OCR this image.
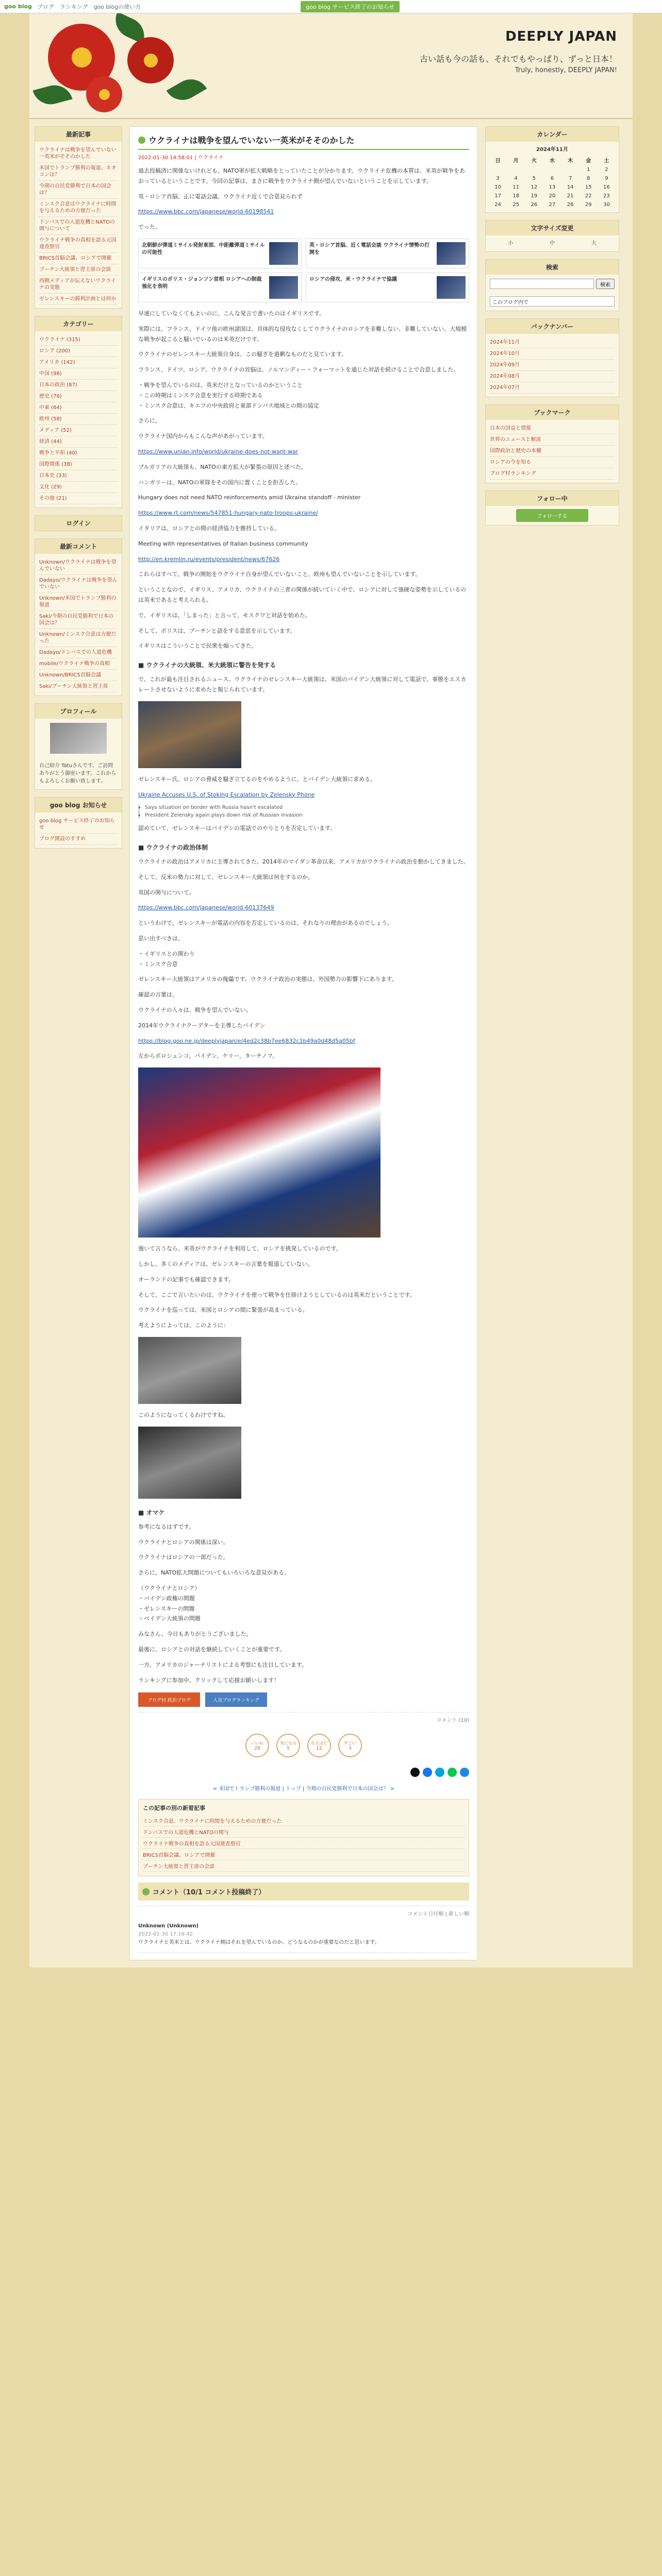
goo blog ブログ　ランキング　goo blogの使い方	goo blog サービス終了のお知らせ
DEEPLY JAPAN
古い話も今の話も、それでもやっぱり、ずっと日本！
Truly, honestly, DEEPLY JAPAN!
最新記事
ウクライナは戦争を望んでいない一英米がそそのかした
米国でトランプ勝利の報道、ネオコンは？
今期の自民党勝利で日本の国会は？
ミンスク合意はウクライナに時間を与えるための方便だった
ドンバスでの人道危機とNATOの関与について
ウクライナ戦争の真相を語る元国連査察官
BRICS首脳会議、ロシアで開催
プーチン大統領と習主席の会談
西側メディアが伝えないウクライナの実態
ゼレンスキーの勝利計画とは何か
カテゴリー
ウクライナ (315)
ロシア (200)
アメリカ (142)
中国 (98)
日本の政治 (87)
歴史 (76)
中東 (64)
欧州 (58)
メディア (52)
経済 (44)
戦争と平和 (40)
国際関係 (38)
日本史 (33)
文化 (29)
その他 (21)
ログイン
最新コメント
Unknown/ウクライナは戦争を望んでいない
Dadayo/ウクライナは戦争を望んでいない
Unknown/米国でトランプ勝利の報道
Saki/今期の自民党勝利で日本の国会は？
Unknown/ミンスク合意は方便だった
Dadayo/ドンバスでの人道危機
mobile/ウクライナ戦争の真相
Unknown/BRICS首脳会議
Saki/プーチン大統領と習主席
プロフィール
自己紹介 Tatuさんです。ご訪問ありがとう御座います。これからもよろしくお願い致します。
goo blog お知らせ
goo blog サービス終了のお知らせ
ブログ開設のすすめ
ウクライナは戦争を望んでいない一英米がそそのかした
2022-01-30 14:58:01 | ウクライナ

過去投稿済に関係ないけれども、NATO軍が拡大戦略をとっていたことが分かります。ウクライナ危機の本質は、米英が戦争をあおっているということです。今回の記事は、まさに戦争をウクライナ側が望んでいないということを示しています。

英・ロシア首脳、正に電話会議、ウクライナ近くで合意見られず

https://www.bbc.com/japanese/world-60198541

でった。

北朝鮮が弾道ミサイル発射東部、中距離弾道ミサイルの可能性
英・ロシア首脳、近く電話会談 ウクライナ情勢の打開を
イギリスのボリス・ジョンソン首相 ロシアへの制裁強化を表明
ロシアの侵攻、米・ウクライナで協議

早速にしていなくてもよいのに、こんな発言で書いたのはイギリスです。

実際には、フランス、ドイツ他の欧州諸国は、具体的な侵攻なくしてウクライナのロシアを非難しない、非難していない。大規模な戦争が起こると騒いでいるのは米英だけです。

ウクライナのゼレンスキー大統領自身は、この騒ぎを過剰なものだと見ています。

フランス、ドイツ、ロシア、ウクライナの首脳は、ノルマンディー・フォーマットを通じた対話を続けることで合意しました。

・戦争を望んでいるのは、英米だけとなっているのかということ
・この時期はミンスク合意を実行する時期である
・ミンスク合意は、キエフの中央政府と東部ドンバス地域との間の協定

さらに、

ウクライナ国内からもこんな声があがっています。

https://www.unian.info/world/ukraine-does-not-want-war

ブルガリアの大統領も、NATOの東方拡大が緊張の原因と述べた。

ハンガリーは、NATOの軍隊をその国内に置くことを拒否した。

Hungary does not need NATO reinforcements amid Ukraine standoff - minister

https://www.rt.com/news/547851-hungary-nato-troops-ukraine/

イタリアは、ロシアとの間の経済協力を維持している。

Meeting with representatives of Italian business community

http://en.kremlin.ru/events/president/news/67626

これらはすべて、戦争の開始をウクライナ自身が望んでいないこと、欧州も望んでいないことを示しています。

ということなので、イギリス、アメリカ、ウクライナの三者の関係が続いていく中で、ロシアに対して強硬な姿勢を示しているのは英米であると考えられる。

で、イギリスは、「しまった」と言って、モスクワと対話を始めた。

そして、ボリスは、プーチンと話をする意思を示しています。

イギリスはこういうことで民衆を煽ってきた。

■ ウクライナの大統領、米大統領に警告を発する

で、これが最も注目されるニュース。ウクライナのゼレンスキー大統領は、米国のバイデン大統領に対して電話で、事態をエスカレートさせないように求めたと報じられています。

ゼレンスキー氏、ロシアの脅威を騒ぎ立てるのをやめるように、とバイデン大統領に求める。

Ukraine Accuses U.S. of Stoking Escalation by Zelensky Phone

• Says situation on border with Russia hasn't escalated
• President Zelensky again plays down risk of Russian invasion

認めていて、ゼレンスキーはバイデンの電話でのやりとりを否定しています。

■ ウクライナの政治体制

ウクライナの政治はアメリカに主導されてきた。2014年のマイダン革命以来、アメリカがウクライナの政治を動かしてきました。

そして、反米の勢力に対して、ゼレンスキー大統領は何をするのか。

英国の関与について。

https://www.bbc.com/japanese/world-60137649

というわけで、ゼレンスキーが電話の内容を否定しているのは、それなりの理由があるのでしょう。

思い出すべきは、

・イギリスとの関わり
・ミンスク合意

ゼレンスキー大統領はアメリカの傀儡です。ウクライナ政治の実態は、外国勢力の影響下にあります。

確認の言葉は、

ウクライナの人々は、戦争を望んでいない。

2014年ウクライナクーデターを主導したバイデン

https://blog.goo.ne.jp/deeplyjapan/e/4ed2c38b7ee6832c1b49a0d48d5a05bf

左からポロシェンコ、バイデン、ケリー、ターチノフ。

強いて言うなら、米英がウクライナを利用して、ロシアを挑発しているのです。

しかし、多くのメディアは、ゼレンスキーの言葉を報道していない。

オーランドの記事でも確認できます。

そして、ここで言いたいのは、ウクライナを使って戦争を仕掛けようとしているのは英米だということです。

ウクライナを巡っては、米国とロシアの間に緊張が高まっている。

考えようによっては、このように：

このようになってくるわけですね。

■ オマケ

参考になるはずです。

ウクライナとロシアの関係は深い。

ウクライナはロシアの一部だった。

さらに、NATO拡大問題についてもいろいろな意見がある。

（ウクライナとロシア）
・バイデン政権の問題
・ゼレンスキーの問題
・ベイデン大統領の問題

みなさん、今日もありがとうございました。

最後に、ロシアとの対話を継続していくことが重要です。

一方、アメリカのジャーナリストによる考察にも注目しています。

ランキングに参加中。クリックして応援お願いします！

ブログ村 政治ブログ	人気ブログランキング
コメント (10)
いいね
28
気になる
5
なるほど
12
すごい
3
< 米国でトランプ勝利の報道 | トップ | 今期の自民党勝利で日本の国会は？ >
この記事の別の新着記事
ミンスク合意、ウクライナに時間を与えるための方便だった
ドンバスでの人道危機とNATOの関与
ウクライナ戦争の真相を語る元国連査察官
BRICS首脳会議、ロシアで開催
プーチン大統領と習主席の会談
コメント（10/1 コメント投稿終了）
コメント日付順 | 新しい順
Unknown (Unknown)
2022-01-30 17:16:42
ウクライナと英米とは、ウクライナ側はそれを望んでいるのか。どうなるのかが重要なのだと思います。
カレンダー
2024年11月
日	月	火	水	木	金	土
					1	2
3	4	5	6	7	8	9
10	11	12	13	14	15	16
17	18	19	20	21	22	23
24	25	26	27	28	29	30
文字サイズ変更
小	中	大
検索
検索
このブログ内で
バックナンバー
2024年11月
2024年10月
2024年09月
2024年08月
2024年07月
ブックマーク
日本の国益と情報
世界のニュースと解説
国際政治と歴史の本棚
ロシアの今を知る
ブログ村ランキング
フォロー中
フォローする
